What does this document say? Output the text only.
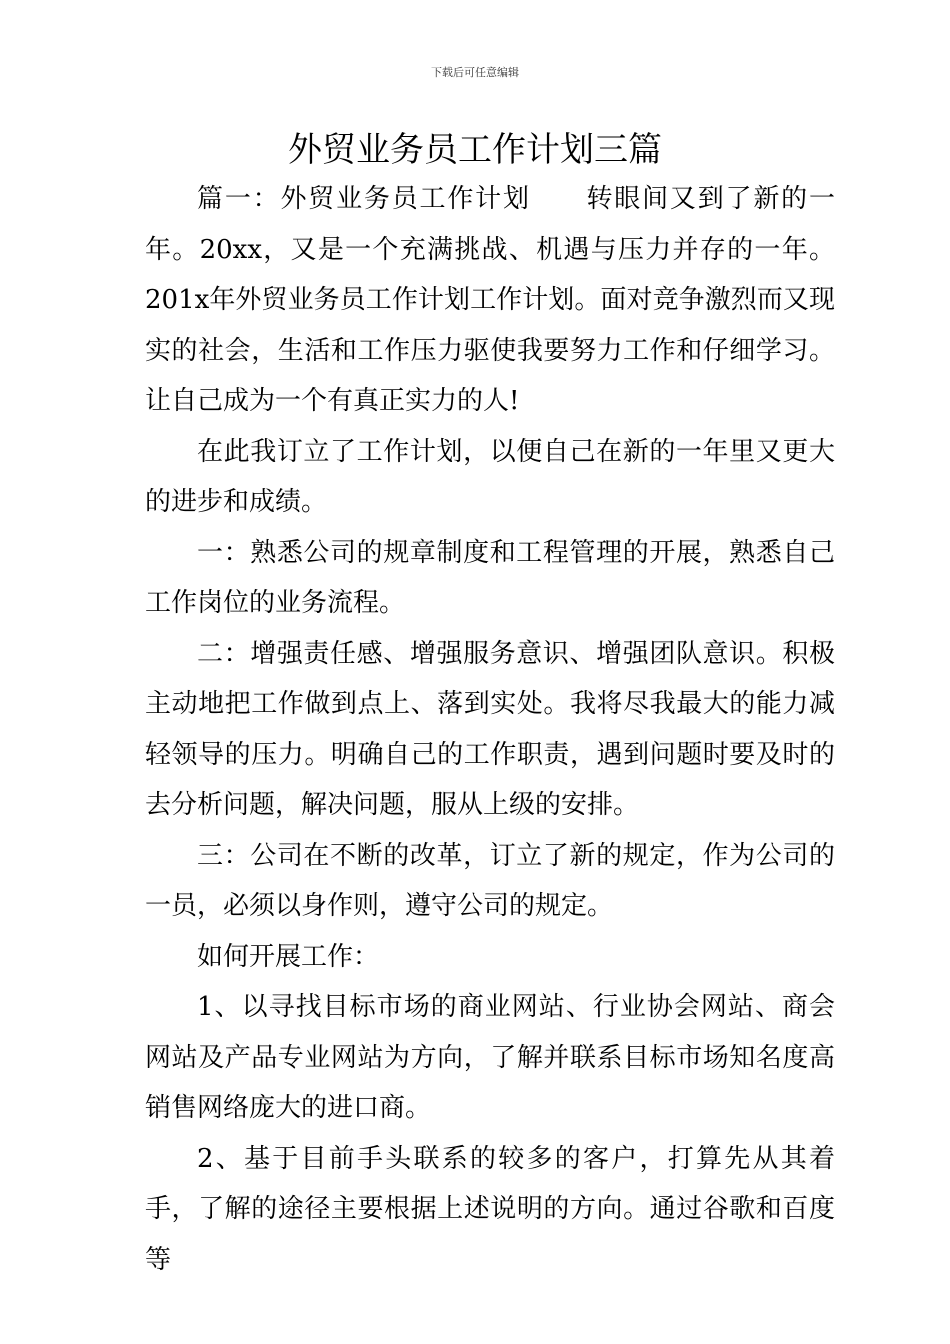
下载后可任意编辑
外贸业务员工作计划三篇

篇一：外贸业务员工作计划　　转眼间又到了新的一年。20xx，又是一个充满挑战、机遇与压力并存的一年。201x年外贸业务员工作计划工作计划。面对竞争激烈而又现实的社会，生活和工作压力驱使我要努力工作和仔细学习。让自己成为一个有真正实力的人!

在此我订立了工作计划，以便自己在新的一年里又更大的进步和成绩。

一：熟悉公司的规章制度和工程管理的开展，熟悉自己工作岗位的业务流程。

二：增强责任感、增强服务意识、增强团队意识。积极主动地把工作做到点上、落到实处。我将尽我最大的能力减轻领导的压力。明确自己的工作职责，遇到问题时要及时的去分析问题，解决问题，服从上级的安排。

三：公司在不断的改革，订立了新的规定，作为公司的一员，必须以身作则，遵守公司的规定。

如何开展工作：

1、以寻找目标市场的商业网站、行业协会网站、商会网站及产品专业网站为方向，了解并联系目标市场知名度高销售网络庞大的进口商。

2、基于目前手头联系的较多的客户，打算先从其着手，了解的途径主要根据上述说明的方向。通过谷歌和百度等
